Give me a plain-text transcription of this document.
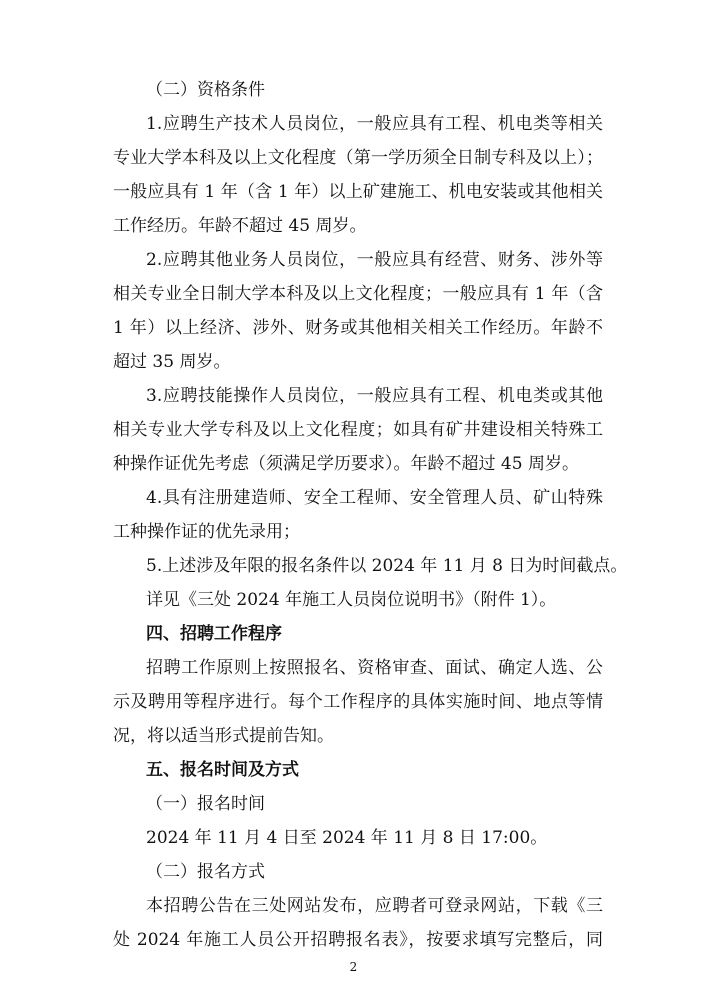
（二）资格条件
1.应聘生产技术人员岗位，一般应具有工程、机电类等相关
专业大学本科及以上文化程度（第一学历须全日制专科及以上）；
一般应具有 1 年（含 1 年）以上矿建施工、机电安装或其他相关
工作经历。年龄不超过 45 周岁。
2.应聘其他业务人员岗位，一般应具有经营、财务、涉外等
相关专业全日制大学本科及以上文化程度；一般应具有 1 年（含
1 年）以上经济、涉外、财务或其他相关相关工作经历。年龄不
超过 35 周岁。
3.应聘技能操作人员岗位，一般应具有工程、机电类或其他
相关专业大学专科及以上文化程度；如具有矿井建设相关特殊工
种操作证优先考虑（须满足学历要求）。年龄不超过 45 周岁。
4.具有注册建造师、安全工程师、安全管理人员、矿山特殊
工种操作证的优先录用；
5.上述涉及年限的报名条件以 2024 年 11 月 8 日为时间截点。
详见《三处 2024 年施工人员岗位说明书》（附件 1）。
四、招聘工作程序
招聘工作原则上按照报名、资格审查、面试、确定人选、公
示及聘用等程序进行。每个工作程序的具体实施时间、地点等情
况，将以适当形式提前告知。
五、报名时间及方式
（一）报名时间
2024 年 11 月 4 日至 2024 年 11 月 8 日 17:00。
（二）报名方式
本招聘公告在三处网站发布，应聘者可登录网站，下载《三
处 2024 年施工人员公开招聘报名表》，按要求填写完整后，同
2
